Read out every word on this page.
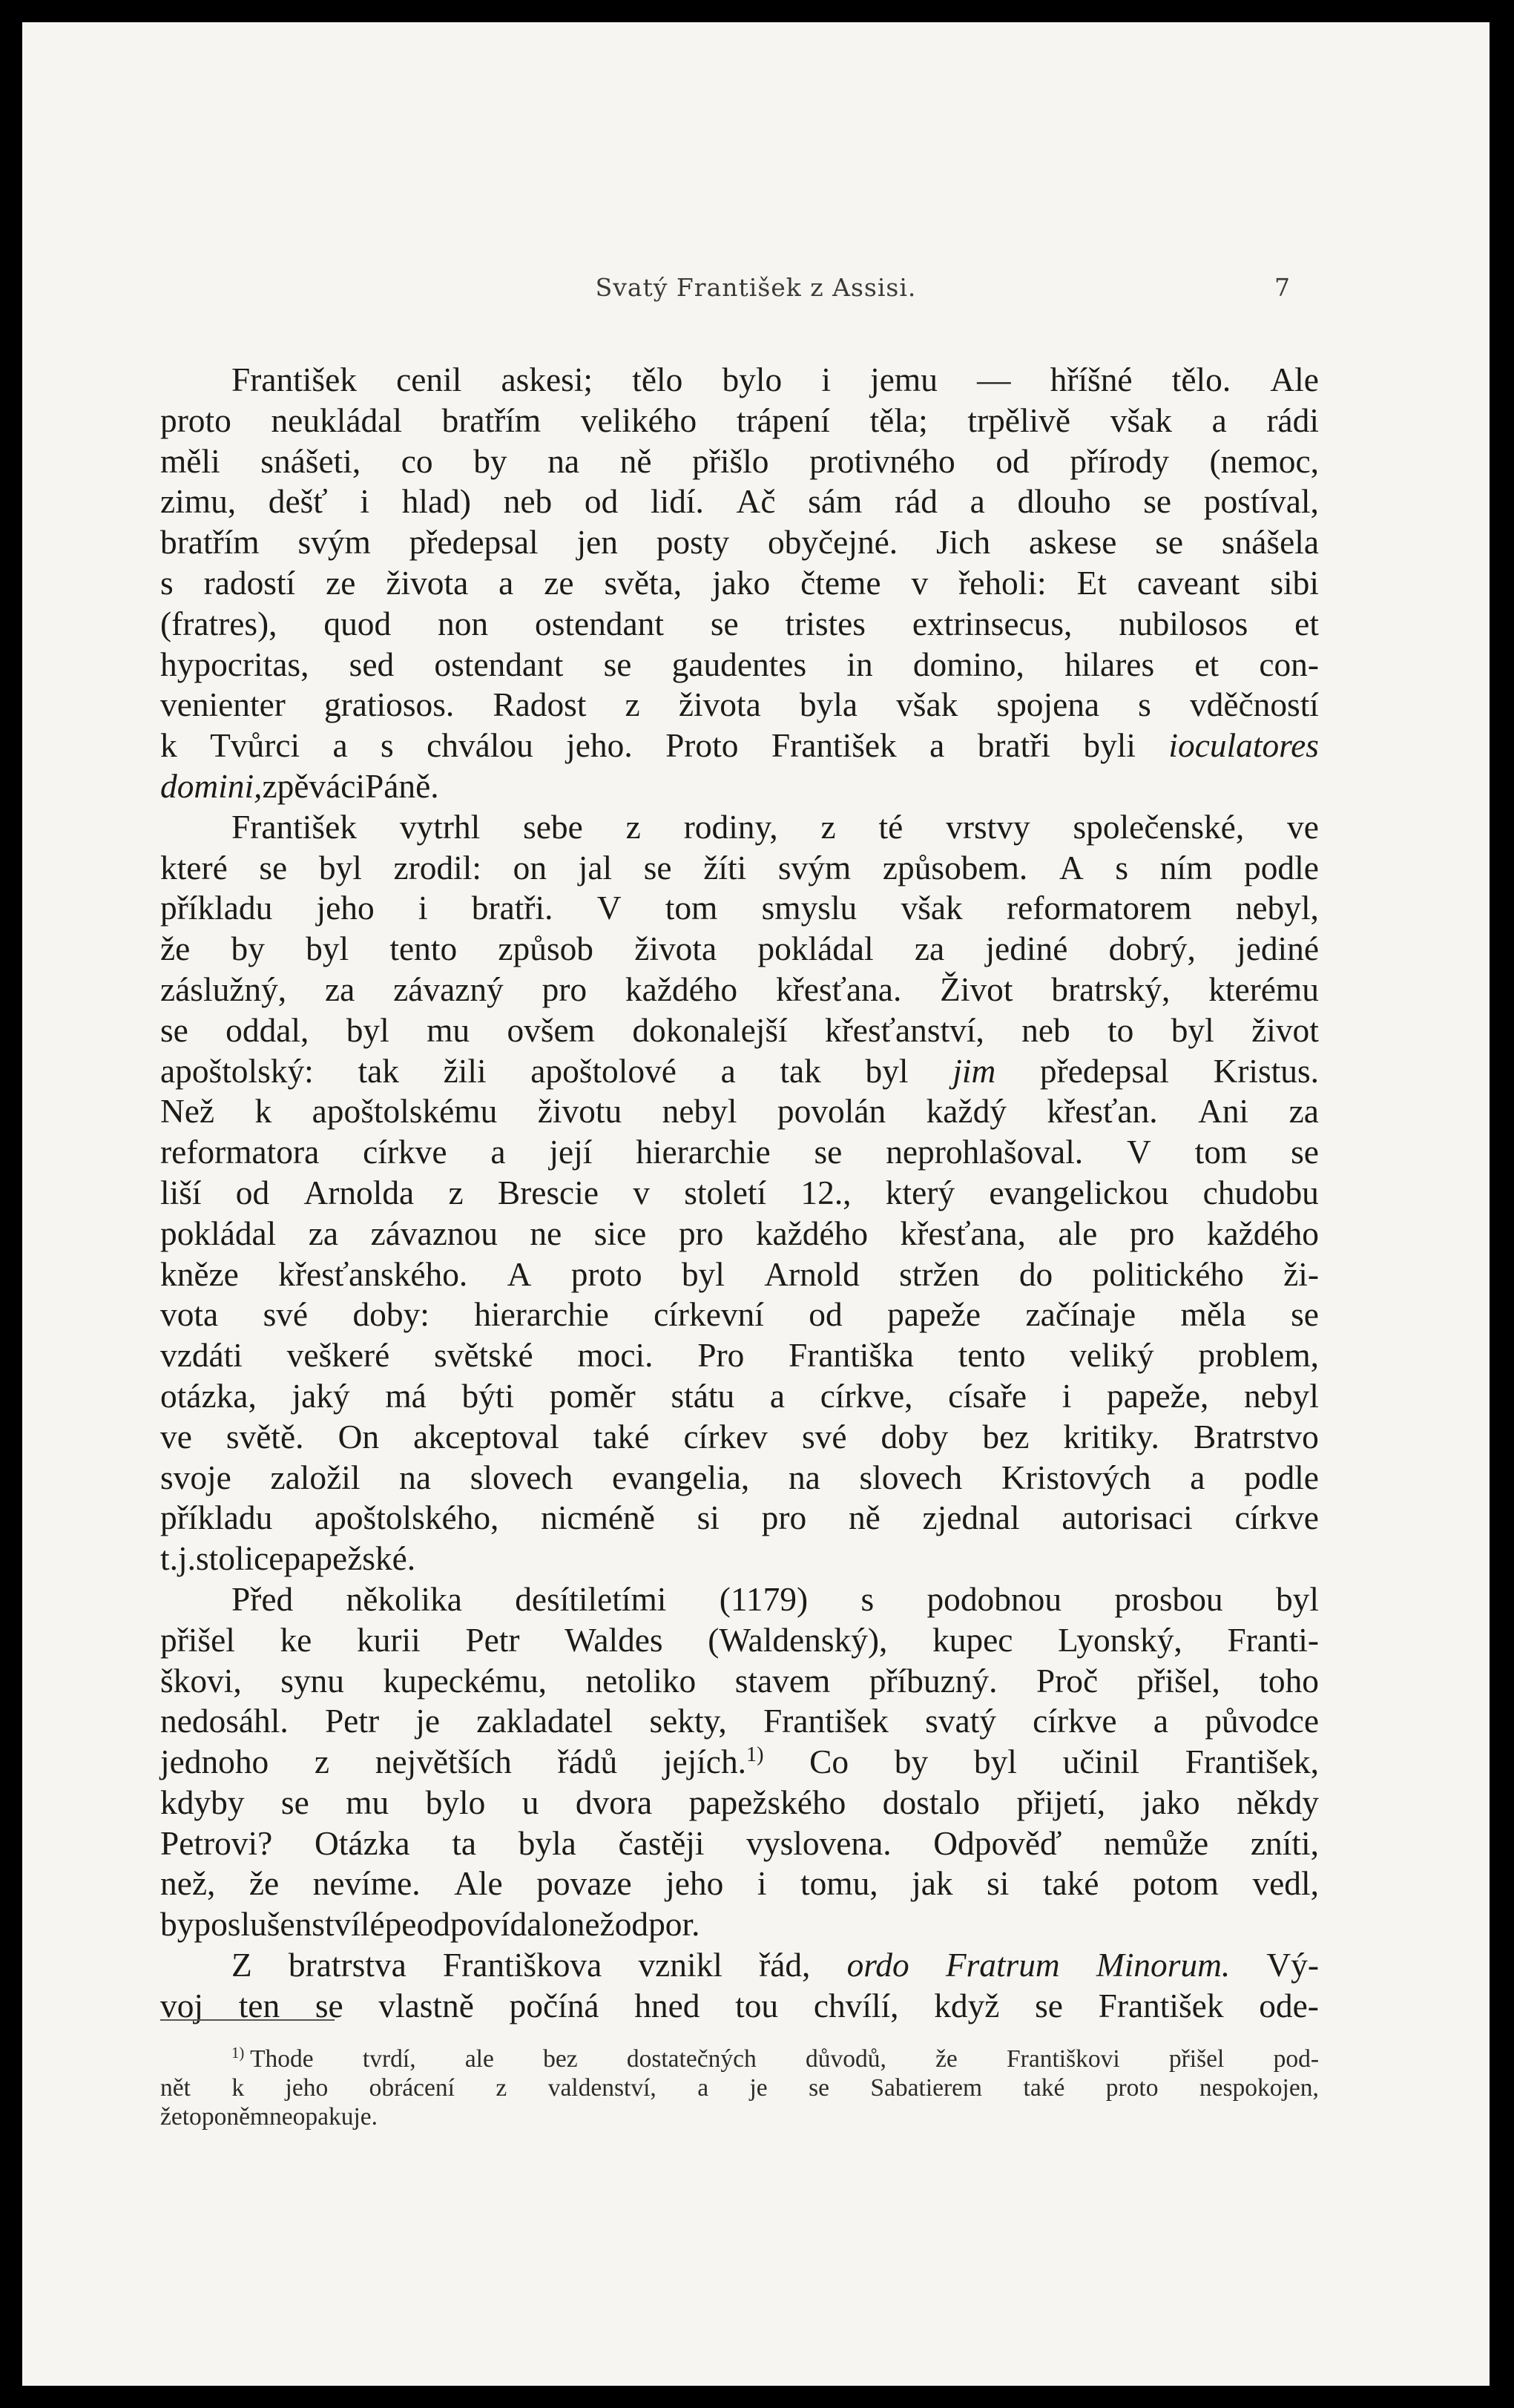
Svatý František z Assisi.	7
František cenil askesi; tělo bylo i jemu — hříšné tělo. Ale
proto neukládal bratřím velikého trápení těla; trpělivě však a rádi
měli snášeti, co by na ně přišlo protivného od přírody (nemoc,
zimu, dešť i hlad) neb od lidí. Ač sám rád a dlouho se postíval,
bratřím svým předepsal jen posty obyčejné. Jich askese se snášela
s radostí ze života a ze světa, jako čteme v řeholi: Et caveant sibi
(fratres), quod non ostendant se tristes extrinsecus, nubilosos et
hypocritas, sed ostendant se gaudentes in domino, hilares et con-
venienter gratiosos. Radost z života byla však spojena s vděčností
k Tvůrci a s chválou jeho. Proto František a bratři byli ioculatores
domini, zpěváci Páně.
František vytrhl sebe z rodiny, z té vrstvy společenské, ve
které se byl zrodil: on jal se žíti svým způsobem. A s ním podle
příkladu jeho i bratři. V tom smyslu však reformatorem nebyl,
že by byl tento způsob života pokládal za jediné dobrý, jediné
záslužný, za závazný pro každého křesťana. Život bratrský, kterému
se oddal, byl mu ovšem dokonalejší křesťanství, neb to byl život
apoštolský: tak žili apoštolové a tak byl jim předepsal Kristus.
Než k apoštolskému životu nebyl povolán každý křesťan. Ani za
reformatora církve a její hierarchie se neprohlašoval. V tom se
liší od Arnolda z Brescie v století 12., který evangelickou chudobu
pokládal za závaznou ne sice pro každého křesťana, ale pro každého
kněze křesťanského. A proto byl Arnold stržen do politického ži-
vota své doby: hierarchie církevní od papeže začínaje měla se
vzdáti veškeré světské moci. Pro Františka tento veliký problem,
otázka, jaký má býti poměr státu a církve, císaře i papeže, nebyl
ve světě. On akceptoval také církev své doby bez kritiky. Bratrstvo
svoje založil na slovech evangelia, na slovech Kristových a podle
příkladu apoštolského, nicméně si pro ně zjednal autorisaci církve
t. j. stolice papežské.
Před několika desítiletími (1179) s podobnou prosbou byl
přišel ke kurii Petr Waldes (Waldenský), kupec Lyonský, Franti-
škovi, synu kupeckému, netoliko stavem příbuzný. Proč přišel, toho
nedosáhl. Petr je zakladatel sekty, František svatý církve a původce
jednoho z největších řádů jejích.$^{1)}$ Co by byl učinil František,
kdyby se mu bylo u dvora papežského dostalo přijetí, jako někdy
Petrovi? Otázka ta byla častěji vyslovena. Odpověď nemůže zníti,
než, že nevíme. Ale povaze jeho i tomu, jak si také potom vedl,
by poslušenství lépe odpovídalo než odpor.
Z bratrstva Františkova vznikl řád, ordo Fratrum Minorum. Vý-
voj ten se vlastně počíná hned tou chvílí, když se František ode-
$^{1)}$ Thode tvrdí, ale bez dostatečných důvodů, že Františkovi přišel pod-
nět k jeho obrácení z valdenství, a je se Sabatierem také proto nespokojen,
že to po něm neopakuje.
